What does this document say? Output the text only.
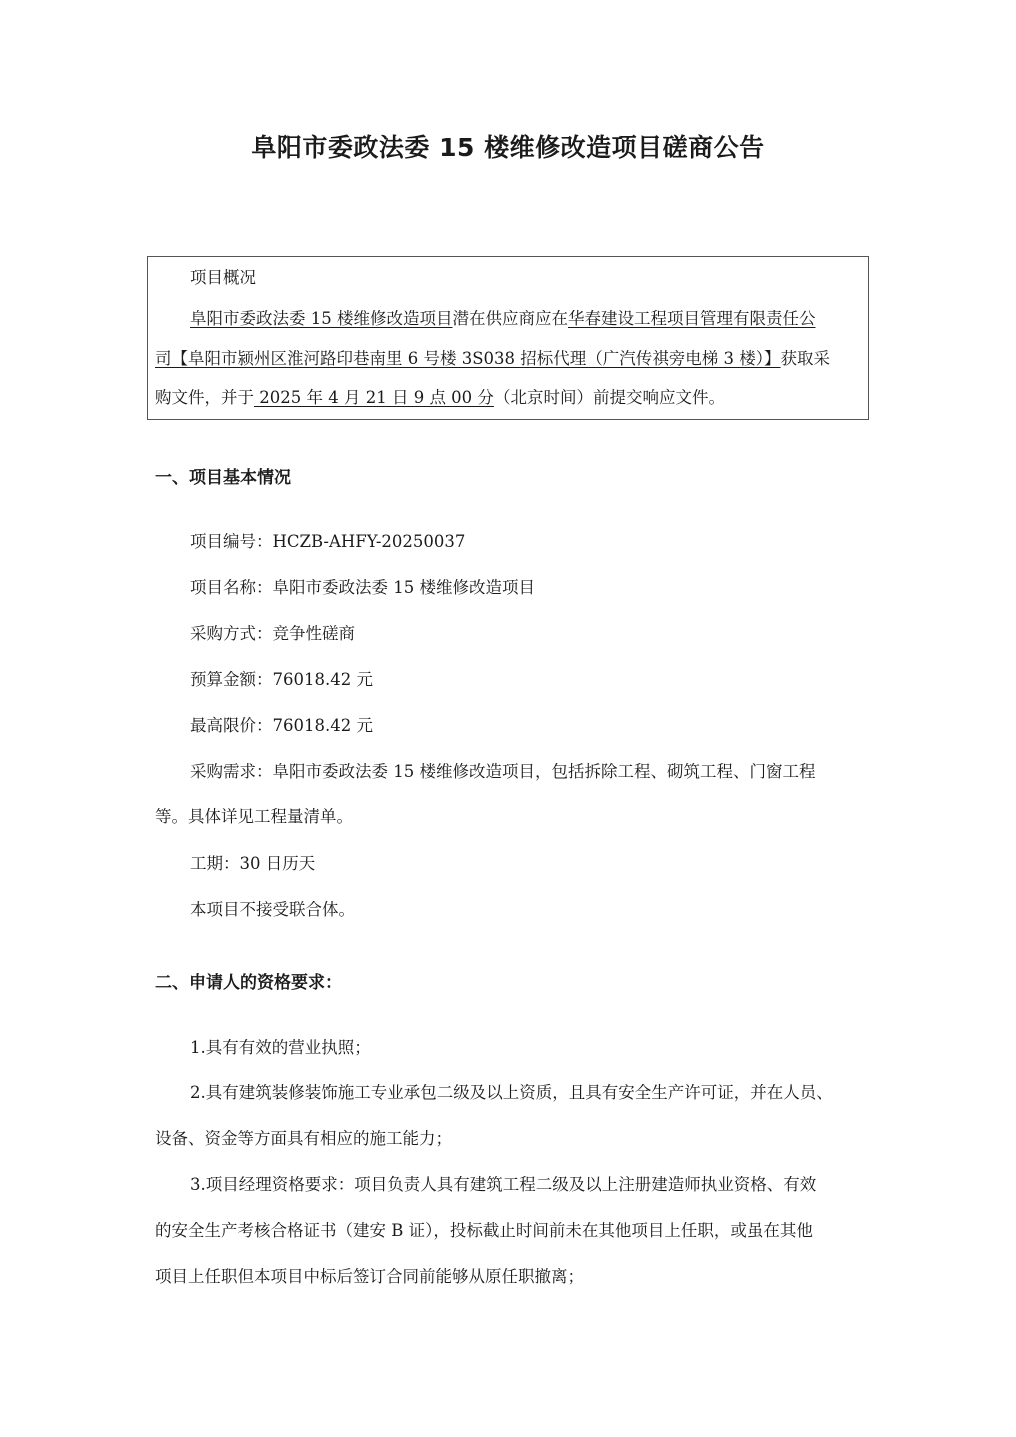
阜阳市委政法委 15 楼维修改造项目磋商公告
项目概况
阜阳市委政法委 15 楼维修改造项目潜在供应商应在华春建设工程项目管理有限责任公
司【阜阳市颍州区淮河路印巷南里 6 号楼 3S038 招标代理（广汽传祺旁电梯 3 楼）】获取采
购文件，并于 2025 年 4 月 21 日 9 点 00 分（北京时间）前提交响应文件。
一、项目基本情况
项目编号：HCZB-AHFY-20250037
项目名称：阜阳市委政法委 15 楼维修改造项目
采购方式：竞争性磋商
预算金额：76018.42 元
最高限价：76018.42 元
采购需求：阜阳市委政法委 15 楼维修改造项目，包括拆除工程、砌筑工程、门窗工程
等。具体详见工程量清单。
工期：30 日历天
本项目不接受联合体。
二、申请人的资格要求：
1.具有有效的营业执照；
2.具有建筑装修装饰施工专业承包二级及以上资质，且具有安全生产许可证，并在人员、
设备、资金等方面具有相应的施工能力；
3.项目经理资格要求：项目负责人具有建筑工程二级及以上注册建造师执业资格、有效
的安全生产考核合格证书（建安 B 证），投标截止时间前未在其他项目上任职，或虽在其他
项目上任职但本项目中标后签订合同前能够从原任职撤离；
